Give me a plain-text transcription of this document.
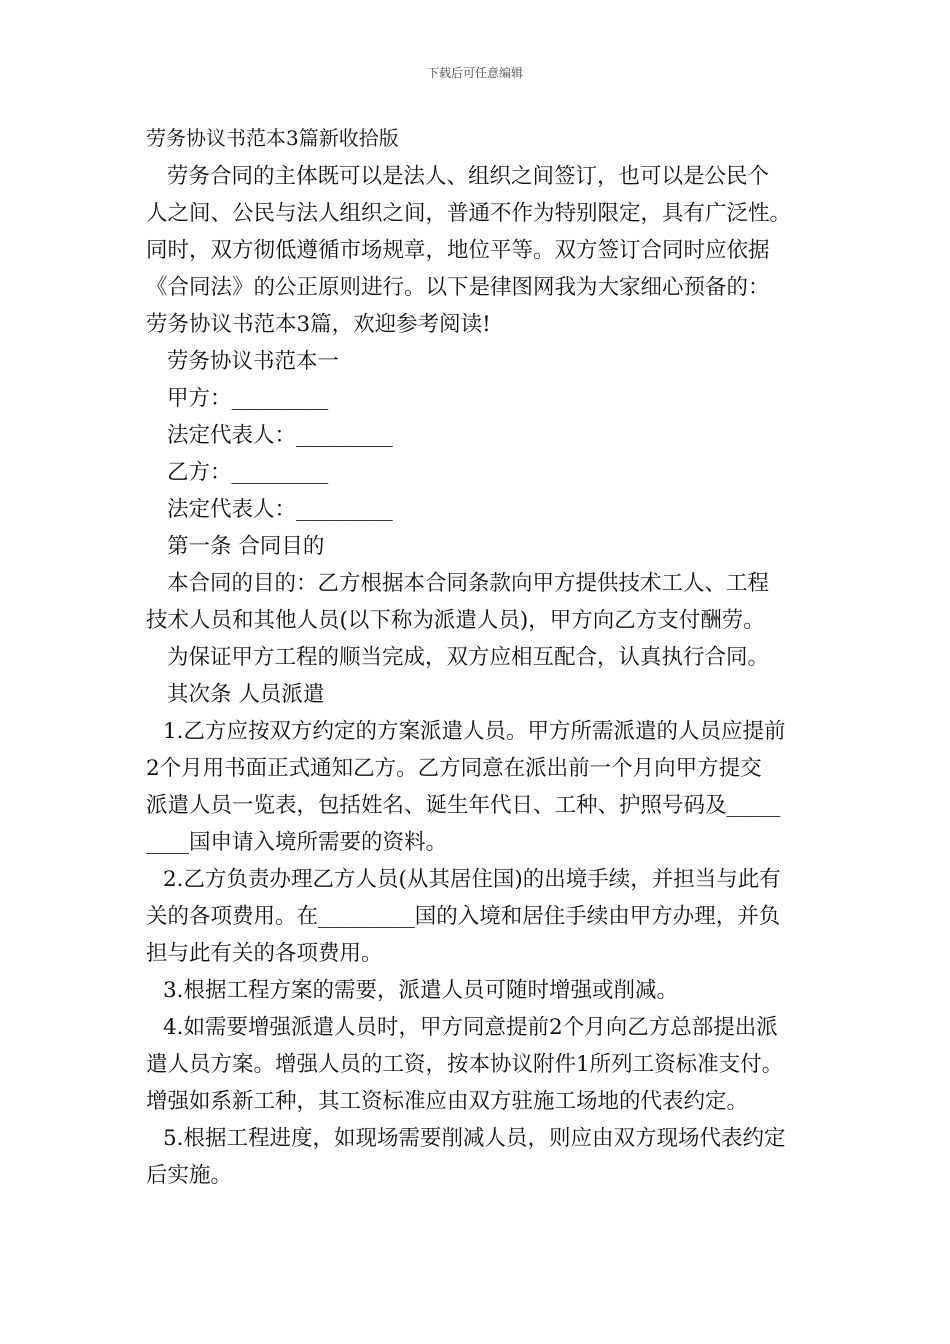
下载后可任意编辑
劳务协议书范本3篇新收拾版
劳务合同的主体既可以是法人、组织之间签订，也可以是公民个
人之间、公民与法人组织之间，普通不作为特别限定，具有广泛性。
同时，双方彻低遵循市场规章，地位平等。双方签订合同时应依据
《合同法》的公正原则进行。以下是律图网我为大家细心预备的：
劳务协议书范本3篇，欢迎参考阅读!
劳务协议书范本一
甲方：_________
法定代表人：_________
乙方：_________
法定代表人：_________
第一条 合同目的
本合同的目的：乙方根据本合同条款向甲方提供技术工人、工程
技术人员和其他人员(以下称为派遣人员)，甲方向乙方支付酬劳。
为保证甲方工程的顺当完成，双方应相互配合，认真执行合同。
其次条 人员派遣
1.乙方应按双方约定的方案派遣人员。甲方所需派遣的人员应提前
2个月用书面正式通知乙方。乙方同意在派出前一个月向甲方提交
派遣人员一览表，包括姓名、诞生年代日、工种、护照号码及_____
____国申请入境所需要的资料。
2.乙方负责办理乙方人员(从其居住国)的出境手续，并担当与此有
关的各项费用。在_________国的入境和居住手续由甲方办理，并负
担与此有关的各项费用。
3.根据工程方案的需要，派遣人员可随时增强或削减。
4.如需要增强派遣人员时，甲方同意提前2个月向乙方总部提出派
遣人员方案。增强人员的工资，按本协议附件1所列工资标准支付。
增强如系新工种，其工资标准应由双方驻施工场地的代表约定。
5.根据工程进度，如现场需要削减人员，则应由双方现场代表约定
后实施。
